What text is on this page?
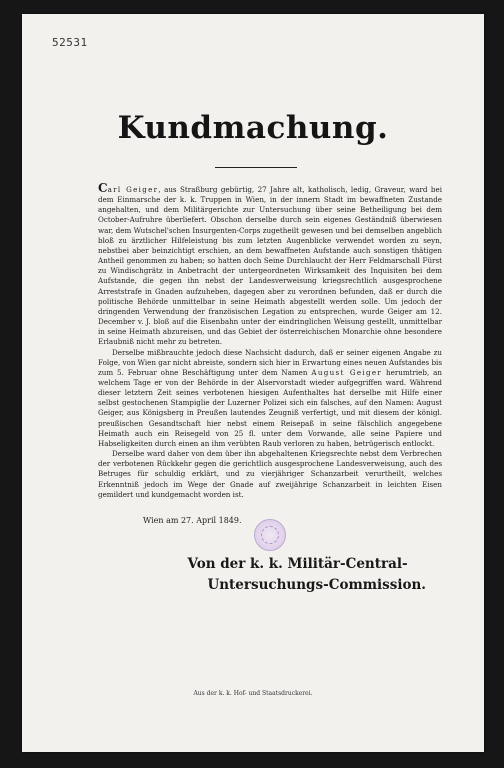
52531
Kundmachung.

Carl Geiger, aus Straßburg gebürtig, 27 Jahre alt, katholisch, ledig, Graveur, ward bei dem Einmarsche der k. k. Truppen in Wien, in der innern Stadt im bewaffneten Zustande angehalten, und dem Militärgerichte zur Untersuchung über seine Betheiligung bei dem October-Aufruhre überliefert. Obschon derselbe durch sein eigenes Geständniß überwiesen war, dem Wutschel'schen Insurgenten-Corps zugetheilt gewesen und bei demselben angeblich bloß zu ärztlicher Hilfeleistung bis zum letzten Augenblicke verwendet worden zu seyn, nebstbei aber beinzichtigt erschien, an dem bewaffneten Aufstande auch sonstigen thätigen Antheil genommen zu haben; so hatten doch Seine Durchlaucht der Herr Feldmarschall Fürst zu Windischgrätz in Anbetracht der untergeordneten Wirksamkeit des Inquisiten bei dem Aufstande, die gegen ihn nebst der Landesverweisung kriegsrechtlich ausgesprochene Arreststrafe in Gnaden aufzuheben, dagegen aber zu verordnen befunden, daß er durch die politische Behörde unmittelbar in seine Heimath abgestellt werden solle. Um jedoch der dringenden Verwendung der französischen Legation zu entsprechen, wurde Geiger am 12. December v. J. bloß auf die Eisenbahn unter der eindringlichen Weisung gestellt, unmittelbar in seine Heimath abzureisen, und das Gebiet der österreichischen Monarchie ohne besondere Erlaubniß nicht mehr zu betreten.

Derselbe mißbrauchte jedoch diese Nachsicht dadurch, daß er seiner eigenen Angabe zu Folge, von Wien gar nicht abreiste, sondern sich hier in Erwartung eines neuen Aufstandes bis zum 5. Februar ohne Beschäftigung unter dem Namen August Geiger herumtrieb, an welchem Tage er von der Behörde in der Alservorstadt wieder aufgegriffen ward. Während dieser letztern Zeit seines verbotenen hiesigen Aufenthaltes hat derselbe mit Hilfe einer selbst gestochenen Stampiglie der Luzerner Polizei sich ein falsches, auf den Namen: August Geiger, aus Königsberg in Preußen lautendes Zeugniß verfertigt, und mit diesem der königl. preußischen Gesandtschaft hier nebst einem Reisepaß in seine fälschlich angegebene Heimath auch ein Reisegeld von 25 fl. unter dem Vorwande, alle seine Papiere und Habseligkeiten durch einen an ihm verübten Raub verloren zu haben, betrügerisch entlockt.

Derselbe ward daher von dem über ihn abgehaltenen Kriegsrechte nebst dem Verbrechen der verbotenen Rückkehr gegen die gerichtlich ausgesprochene Landesverweisung, auch des Betruges für schuldig erklärt, und zu vierjähriger Schanzarbeit verurtheilt, welches Erkenntniß jedoch im Wege der Gnade auf zweijährige Schanzarbeit in leichten Eisen gemildert und kundgemacht worden ist.

Wien am 27. April 1849.
Von der k. k. Militär-Central-
Untersuchungs-Commission.
Aus der k. k. Hof- und Staatsdruckerei.
